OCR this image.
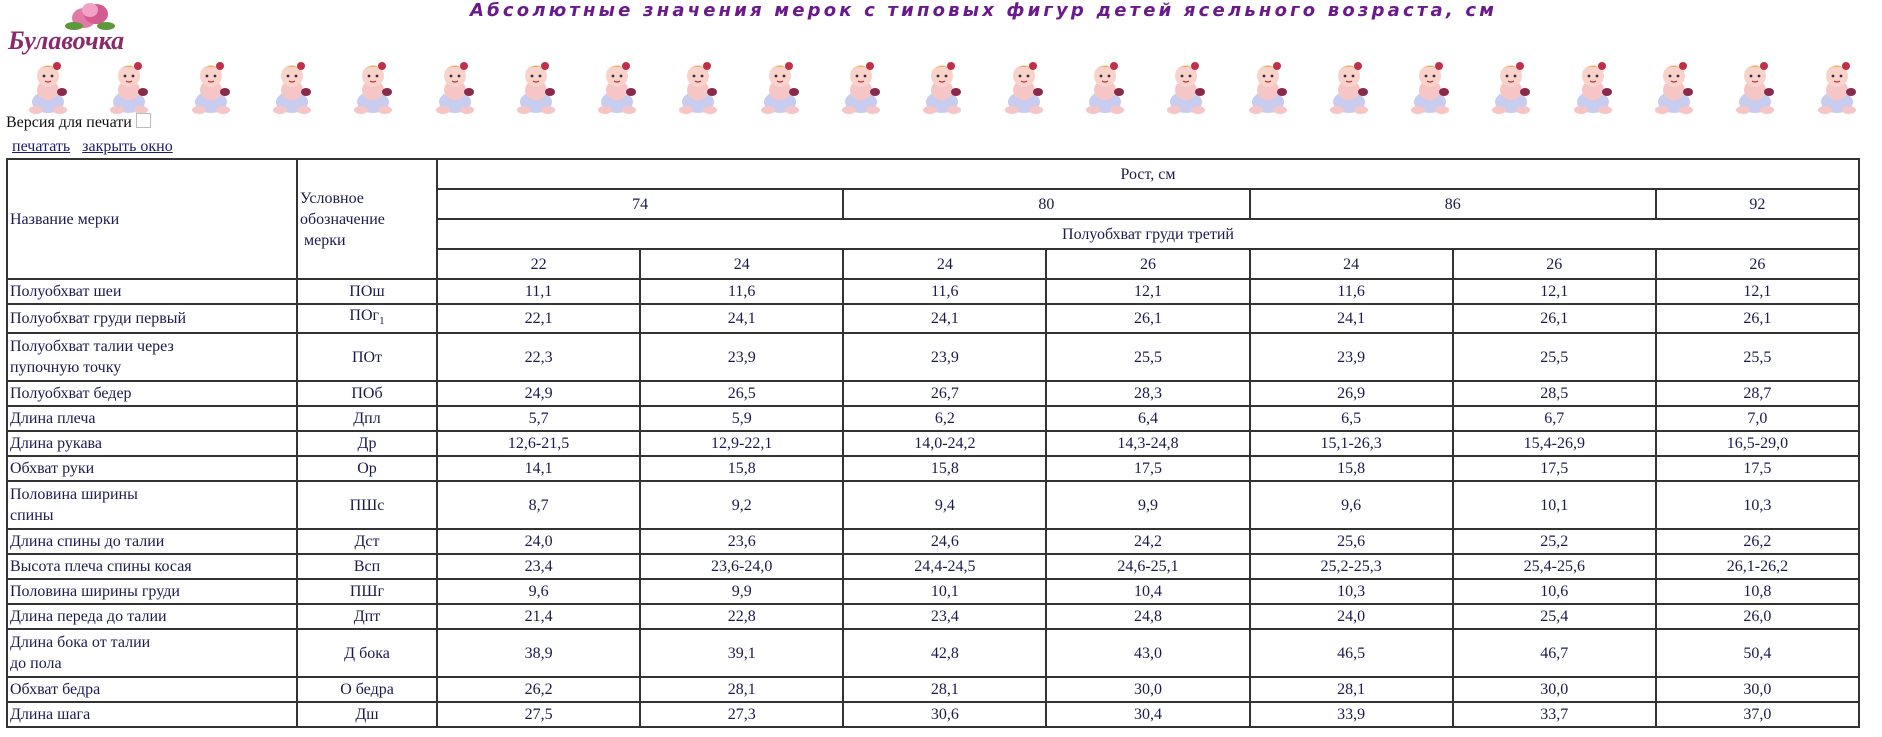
Булавочка
Абсолютные значения мерок с типовых фигур детей ясельного возраста, см
Версия для печати
печатать закрыть окно
Название мерки	Условное
обозначение
мерки	Рост, см						
		74		80		86		92
		Полуобхват груди третий						
		22	24	24	26	24	26	26
Полуобхват шеи	ПОш	11,1	11,6	11,6	12,1	11,6	12,1	12,1
Полуобхват груди первый	ПОг$_1$	22,1	24,1	24,1	26,1	24,1	26,1	26,1
Полуобхват талии через
пупочную точку	ПОт	22,3	23,9	23,9	25,5	23,9	25,5	25,5
Полуобхват бедер	ПОб	24,9	26,5	26,7	28,3	26,9	28,5	28,7
Длина плеча	Дпл	5,7	5,9	6,2	6,4	6,5	6,7	7,0
Длина рукава	Др	12,6-21,5	12,9-22,1	14,0-24,2	14,3-24,8	15,1-26,3	15,4-26,9	16,5-29,0
Обхват руки	Ор	14,1	15,8	15,8	17,5	15,8	17,5	17,5
Половина ширины
спины	ПШс	8,7	9,2	9,4	9,9	9,6	10,1	10,3
Длина спины до талии	Дст	24,0	23,6	24,6	24,2	25,6	25,2	26,2
Высота плеча спины косая	Всп	23,4	23,6-24,0	24,4-24,5	24,6-25,1	25,2-25,3	25,4-25,6	26,1-26,2
Половина ширины груди	ПШг	9,6	9,9	10,1	10,4	10,3	10,6	10,8
Длина переда до талии	Дпт	21,4	22,8	23,4	24,8	24,0	25,4	26,0
Длина бока от талии
до пола	Д бока	38,9	39,1	42,8	43,0	46,5	46,7	50,4
Обхват бедра	О бедра	26,2	28,1	28,1	30,0	28,1	30,0	30,0
Длина шага	Дш	27,5	27,3	30,6	30,4	33,9	33,7	37,0
